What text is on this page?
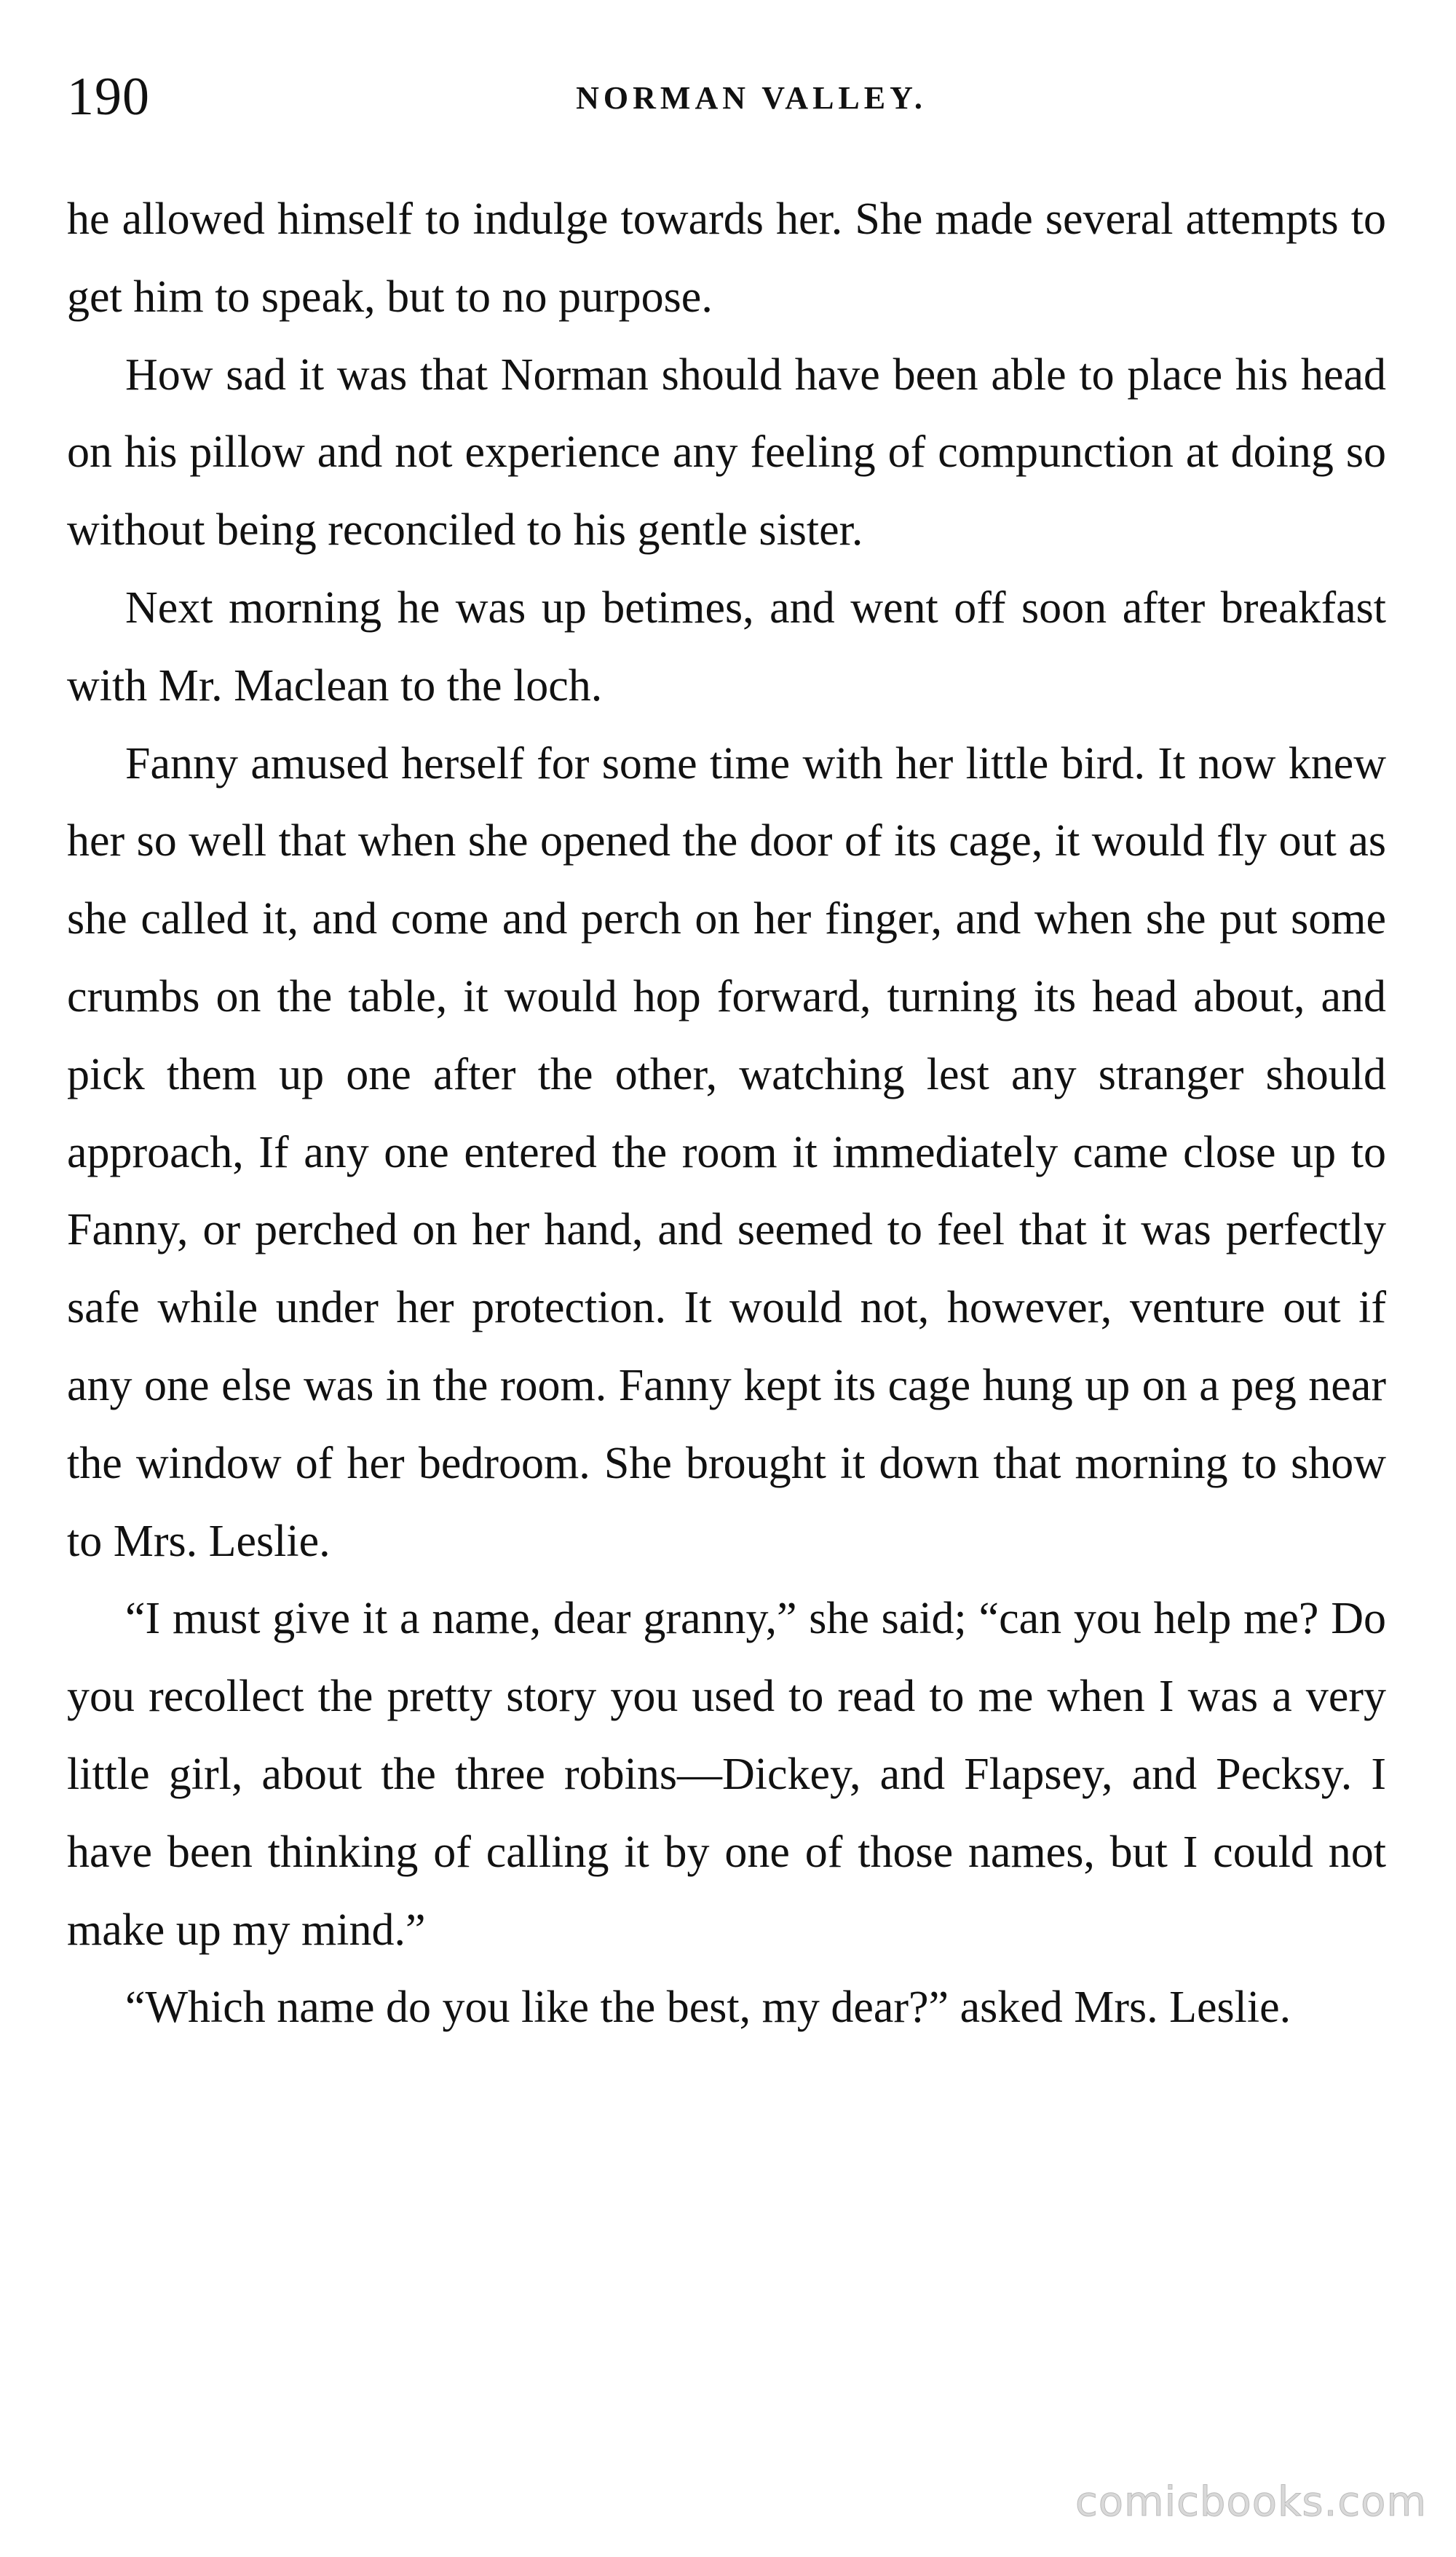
190	NORMAN VALLEY.

he allowed himself to indulge towards her. She made several attempts to get him to speak, but to no purpose.

How sad it was that Norman should have been able to place his head on his pillow and not experience any feeling of compunction at doing so without being reconciled to his gentle sister.

Next morning he was up betimes, and went off soon after breakfast with Mr. Maclean to the loch.

Fanny amused herself for some time with her little bird. It now knew her so well that when she opened the door of its cage, it would fly out as she called it, and come and perch on her finger, and when she put some crumbs on the table, it would hop forward, turning its head about, and pick them up one after the other, watching lest any stranger should approach, If any one entered the room it immediately came close up to Fanny, or perched on her hand, and seemed to feel that it was perfectly safe while under her protection. It would not, however, venture out if any one else was in the room. Fanny kept its cage hung up on a peg near the window of her bedroom. She brought it down that morning to show to Mrs. Leslie.

“I must give it a name, dear granny,” she said; “can you help me? Do you recollect the pretty story you used to read to me when I was a very little girl, about the three robins—Dickey, and Flapsey, and Pecksy. I have been thinking of calling it by one of those names, but I could not make up my mind.”

“Which name do you like the best, my dear?” asked Mrs. Leslie.

comicbooks.com
